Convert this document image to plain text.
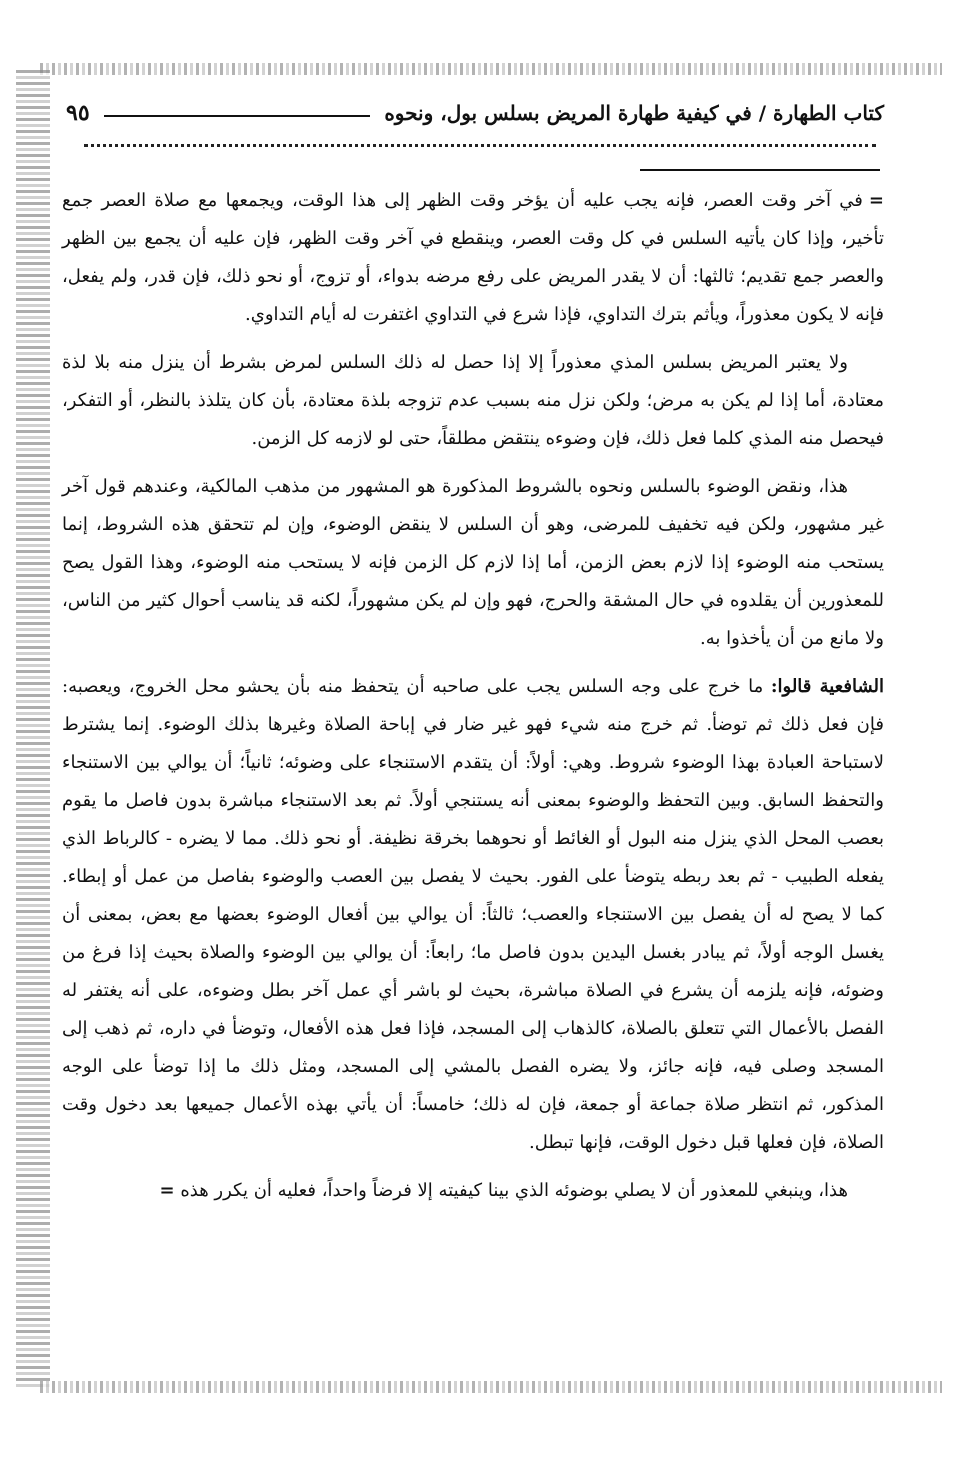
كتاب الطهارة / في كيفية طهارة المريض بسلس بول، ونحوه
٩٥

=في آخر وقت العصر، فإنه يجب عليه أن يؤخر وقت الظهر إلى هذا الوقت، ويجمعها مع صلاة العصر جمع تأخير، وإذا كان يأتيه السلس في كل وقت العصر، وينقطع في آخر وقت الظهر، فإن عليه أن يجمع بين الظهر والعصر جمع تقديم؛ ثالثها: أن لا يقدر المريض على رفع مرضه بدواء، أو تزوج، أو نحو ذلك، فإن قدر، ولم يفعل، فإنه لا يكون معذوراً، ويأثم بترك التداوي، فإذا شرع في التداوي اغتفرت له أيام التداوي.

ولا يعتبر المريض بسلس المذي معذوراً إلا إذا حصل له ذلك السلس لمرض بشرط أن ينزل منه بلا لذة معتادة، أما إذا لم يكن به مرض؛ ولكن نزل منه بسبب عدم تزوجه بلذة معتادة، بأن كان يتلذذ بالنظر، أو التفكر، فيحصل منه المذي كلما فعل ذلك، فإن وضوءه ينتقض مطلقاً، حتى لو لازمه كل الزمن.

هذا، ونقض الوضوء بالسلس ونحوه بالشروط المذكورة هو المشهور من مذهب المالكية، وعندهم قول آخر غير مشهور، ولكن فيه تخفيف للمرضى، وهو أن السلس لا ينقض الوضوء، وإن لم تتحقق هذه الشروط، إنما يستحب منه الوضوء إذا لازم بعض الزمن، أما إذا لازم كل الزمن فإنه لا يستحب منه الوضوء، وهذا القول يصح للمعذورين أن يقلدوه في حال المشقة والحرج، فهو وإن لم يكن مشهوراً، لكنه قد يناسب أحوال كثير من الناس، ولا مانع من أن يأخذوا به.

الشافعية قالوا: ما خرج على وجه السلس يجب على صاحبه أن يتحفظ منه بأن يحشو محل الخروج، ويعصبه: فإن فعل ذلك ثم توضأ. ثم خرج منه شيء فهو غير ضار في إباحة الصلاة وغيرها بذلك الوضوء. إنما يشترط لاستباحة العبادة بهذا الوضوء شروط. وهي: أولاً: أن يتقدم الاستنجاء على وضوئه؛ ثانياً؛ أن يوالي بين الاستنجاء والتحفظ السابق. وبين التحفظ والوضوء بمعنى أنه يستنجي أولاً. ثم بعد الاستنجاء مباشرة بدون فاصل ما يقوم بعصب المحل الذي ينزل منه البول أو الغائط أو نحوهما بخرقة نظيفة. أو نحو ذلك. مما لا يضره - كالرباط الذي يفعله الطبيب - ثم بعد ربطه يتوضأ على الفور. بحيث لا يفصل بين العصب والوضوء بفاصل من عمل أو إبطاء. كما لا يصح له أن يفصل بين الاستنجاء والعصب؛ ثالثاً: أن يوالي بين أفعال الوضوء بعضها مع بعض، بمعنى أن يغسل الوجه أولاً، ثم يبادر بغسل اليدين بدون فاصل ما؛ رابعاً: أن يوالي بين الوضوء والصلاة بحيث إذا فرغ من وضوئه، فإنه يلزمه أن يشرع في الصلاة مباشرة، بحيث لو باشر أي عمل آخر بطل وضوءه، على أنه يغتفر له الفصل بالأعمال التي تتعلق بالصلاة، كالذهاب إلى المسجد، فإذا فعل هذه الأفعال، وتوضأ في داره، ثم ذهب إلى المسجد وصلى فيه، فإنه جائز، ولا يضره الفصل بالمشي إلى المسجد، ومثل ذلك ما إذا توضأ على الوجه المذكور، ثم انتظر صلاة جماعة أو جمعة، فإن له ذلك؛ خامساً: أن يأتي بهذه الأعمال جميعها بعد دخول وقت الصلاة، فإن فعلها قبل دخول الوقت، فإنها تبطل.

هذا، وينبغي للمعذور أن لا يصلي بوضوئه الذي بينا كيفيته إلا فرضاً واحداً، فعليه أن يكرر هذه =
